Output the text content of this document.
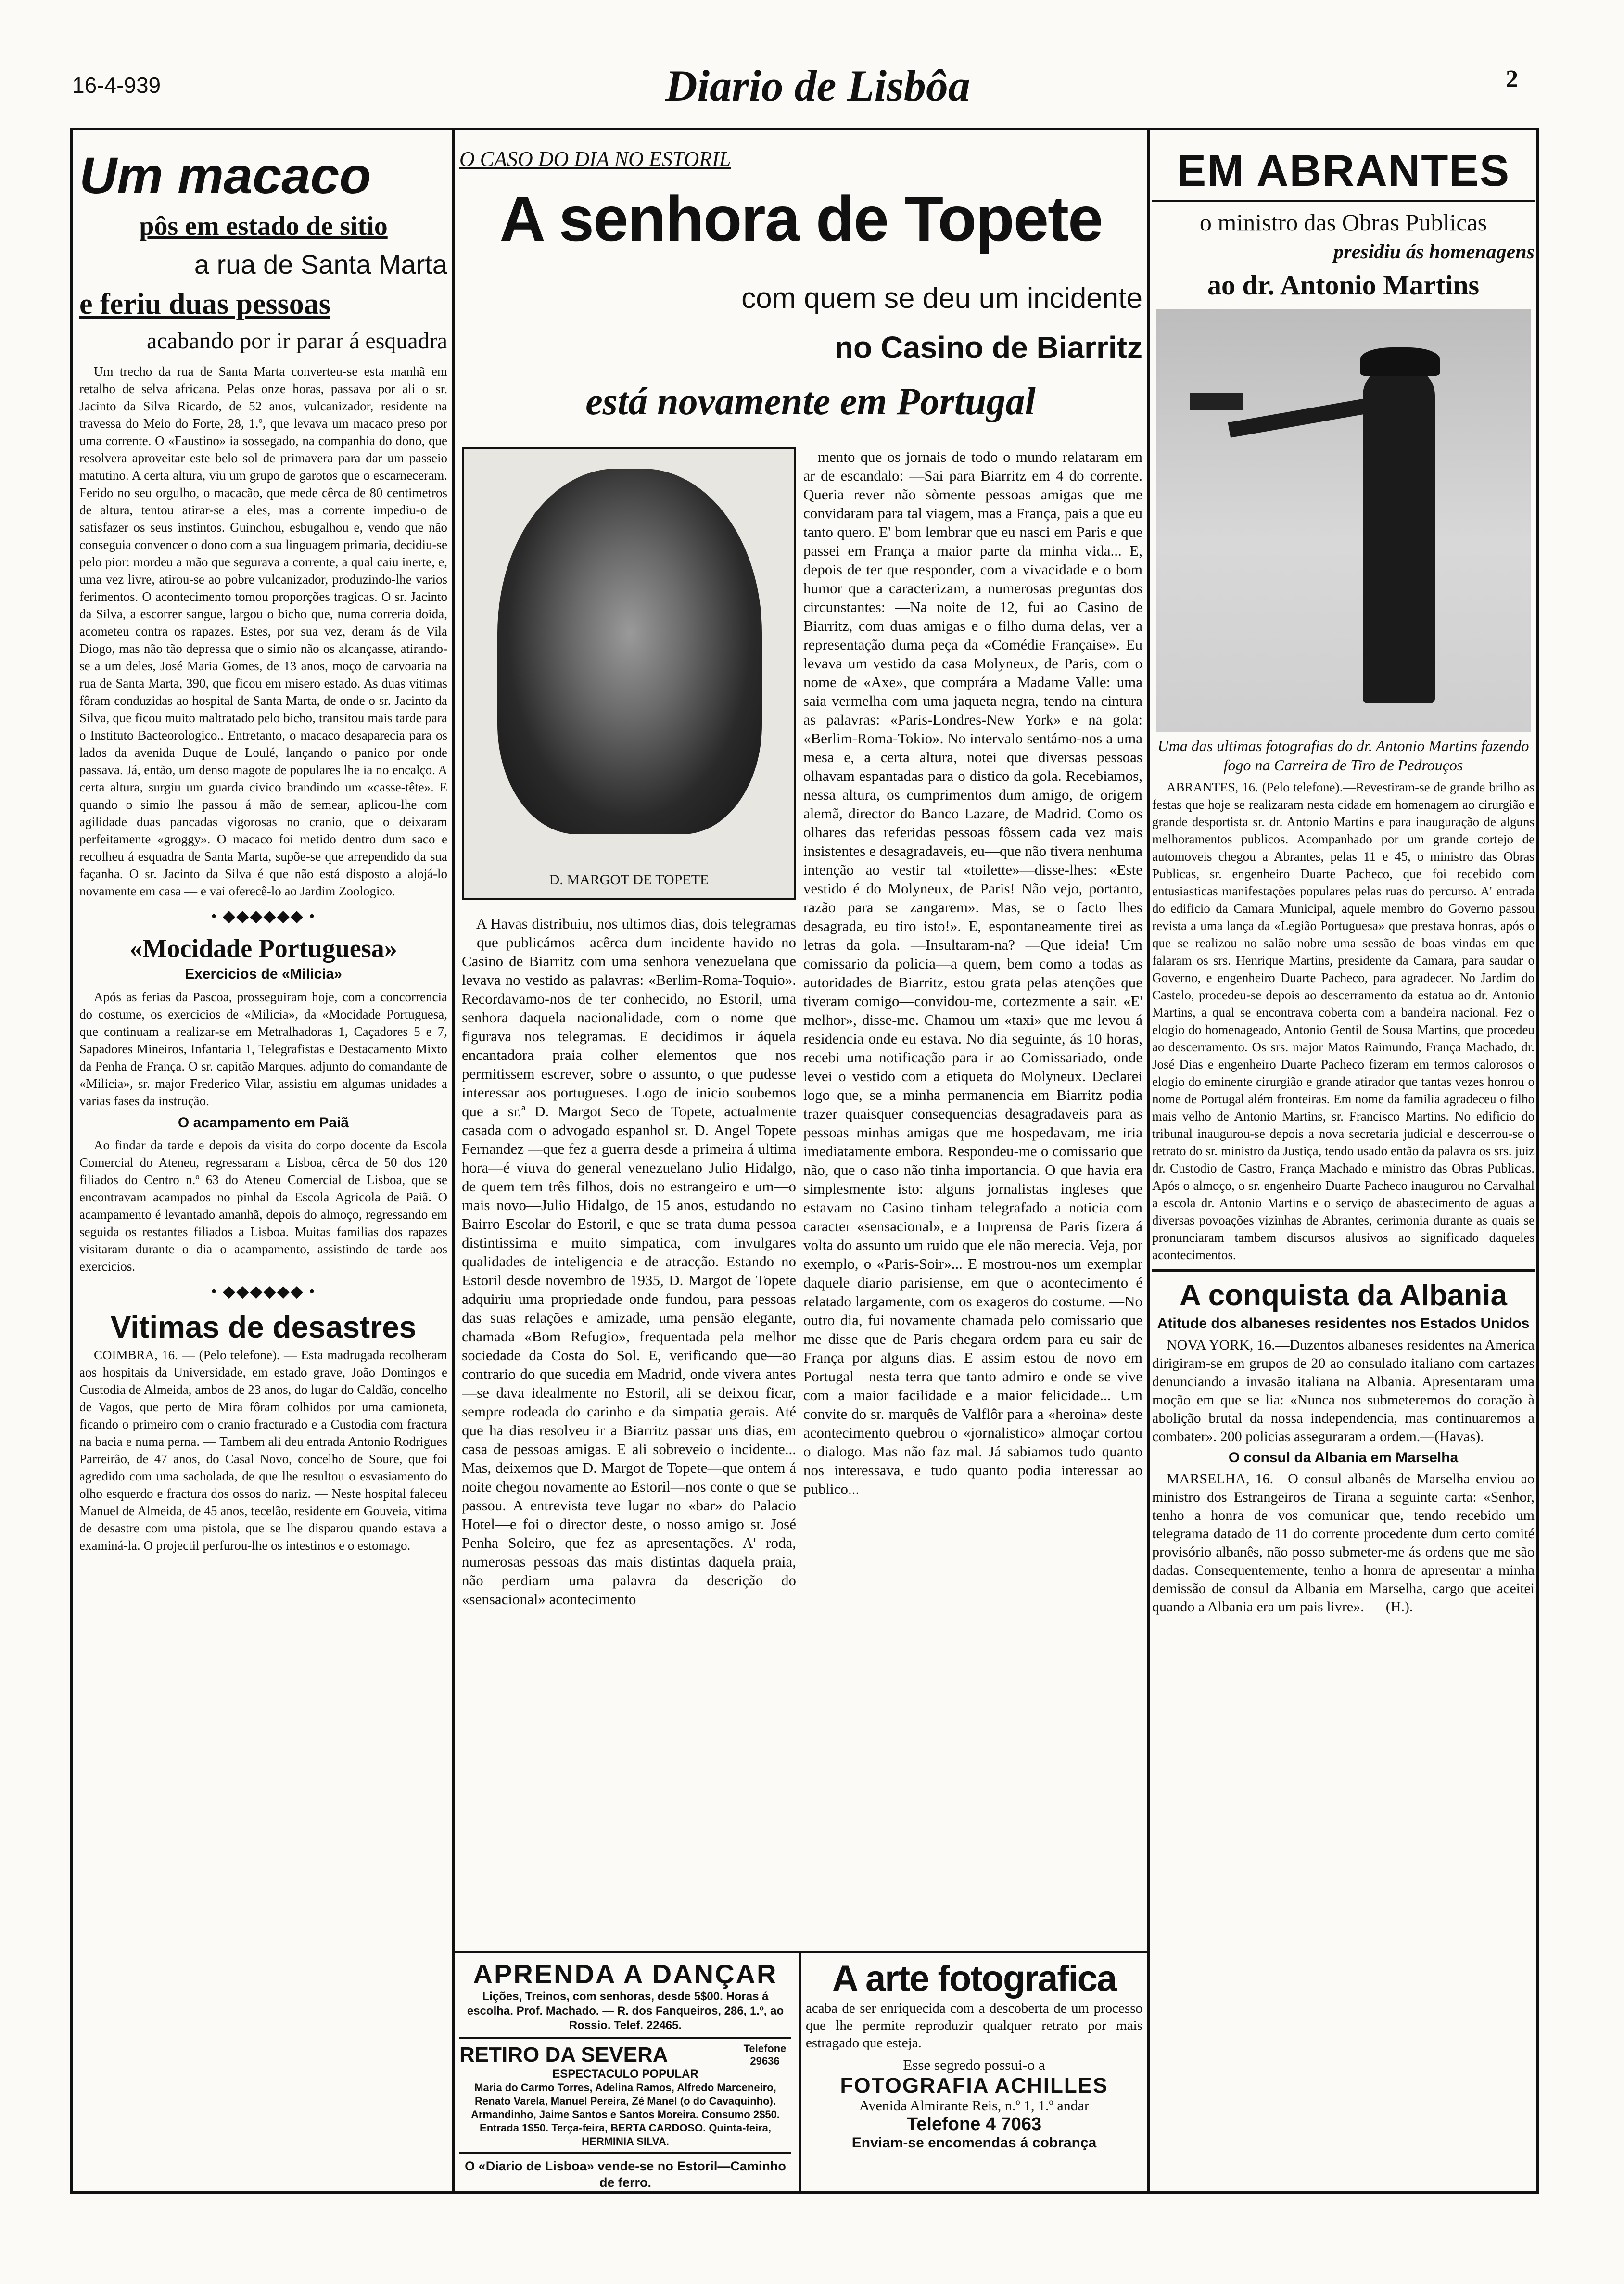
16-4-939	Diario de Lisbôa	2
Um macaco
pôs em estado de sitio
a rua de Santa Marta
e feriu duas pessoas
acabando por ir parar á esquadra
Um trecho da rua de Santa Marta converteu-se esta manhã em retalho de selva africana. Pelas onze horas, passava por ali o sr. Jacinto da Silva Ricardo, de 52 anos, vulcanizador, residente na travessa do Meio do Forte, 28, 1.º, que levava um macaco preso por uma corrente. O «Faustino» ia sossegado, na companhia do dono, que resolvera aproveitar este belo sol de primavera para dar um passeio matutino. A certa altura, viu um grupo de garotos que o escarneceram. Ferido no seu orgulho, o macacão, que mede cêrca de 80 centimetros de altura, tentou atirar-se a eles, mas a corrente impediu-o de satisfazer os seus instintos. Guinchou, esbugalhou e, vendo que não conseguia convencer o dono com a sua linguagem primaria, decidiu-se pelo pior: mordeu a mão que segurava a corrente, a qual caiu inerte, e, uma vez livre, atirou-se ao pobre vulcanizador, produzindo-lhe varios ferimentos. O acontecimento tomou proporções tragicas. O sr. Jacinto da Silva, a escorrer sangue, largou o bicho que, numa correria doida, acometeu contra os rapazes. Estes, por sua vez, deram ás de Vila Diogo, mas não tão depressa que o simio não os alcançasse, atirando-se a um deles, José Maria Gomes, de 13 anos, moço de carvoaria na rua de Santa Marta, 390, que ficou em misero estado. As duas vitimas fôram conduzidas ao hospital de Santa Marta, de onde o sr. Jacinto da Silva, que ficou muito maltratado pelo bicho, transitou mais tarde para o Instituto Bacteorologico.. Entretanto, o macaco desaparecia para os lados da avenida Duque de Loulé, lançando o panico por onde passava. Já, então, um denso magote de populares lhe ia no encalço. A certa altura, surgiu um guarda civico brandindo um «casse-tête». E quando o simio lhe passou á mão de semear, aplicou-lhe com agilidade duas pancadas vigorosas no cranio, que o deixaram perfeitamente «groggy». O macaco foi metido dentro dum saco e recolheu á esquadra de Santa Marta, supõe-se que arrependido da sua façanha. O sr. Jacinto da Silva é que não está disposto a alojá-lo novamente em casa — e vai oferecê-lo ao Jardim Zoologico.
• ◆◆◆◆◆◆ •
«Mocidade Portuguesa»
Exercicios de «Milicia»
Após as ferias da Pascoa, prosseguiram hoje, com a concorrencia do costume, os exercicios de «Milicia», da «Mocidade Portuguesa, que continuam a realizar-se em Metralhadoras 1, Caçadores 5 e 7, Sapadores Mineiros, Infantaria 1, Telegrafistas e Destacamento Mixto da Penha de França. O sr. capitão Marques, adjunto do comandante de «Milicia», sr. major Frederico Vilar, assistiu em algumas unidades a varias fases da instrução.
O acampamento em Paiã
Ao findar da tarde e depois da visita do corpo docente da Escola Comercial do Ateneu, regressaram a Lisboa, cêrca de 50 dos 120 filiados do Centro n.º 63 do Ateneu Comercial de Lisboa, que se encontravam acampados no pinhal da Escola Agricola de Paiã. O acampamento é levantado amanhã, depois do almoço, regressando em seguida os restantes filiados a Lisboa. Muitas familias dos rapazes visitaram durante o dia o acampamento, assistindo de tarde aos exercicios.
• ◆◆◆◆◆◆ •
Vitimas de desastres
COIMBRA, 16. — (Pelo telefone). — Esta madrugada recolheram aos hospitais da Universidade, em estado grave, João Domingos e Custodia de Almeida, ambos de 23 anos, do lugar do Caldão, concelho de Vagos, que perto de Mira fôram colhidos por uma camioneta, ficando o primeiro com o cranio fracturado e a Custodia com fractura na bacia e numa perna. — Tambem ali deu entrada Antonio Rodrigues Parreirão, de 47 anos, do Casal Novo, concelho de Soure, que foi agredido com uma sacholada, de que lhe resultou o esvasiamento do olho esquerdo e fractura dos ossos do nariz. — Neste hospital faleceu Manuel de Almeida, de 45 anos, tecelão, residente em Gouveia, vitima de desastre com uma pistola, que se lhe disparou quando estava a examiná-la. O projectil perfurou-lhe os intestinos e o estomago.
O CASO DO DIA NO ESTORIL
A senhora de Topete
com quem se deu um incidente
no Casino de Biarritz
está novamente em Portugal
D. MARGOT DE TOPETE
A Havas distribuiu, nos ultimos dias, dois telegramas—que publicámos—acêrca dum incidente havido no Casino de Biarritz com uma senhora venezuelana que levava no vestido as palavras: «Berlim-Roma-Toquio». Recordavamo-nos de ter conhecido, no Estoril, uma senhora daquela nacionalidade, com o nome que figurava nos telegramas. E decidimos ir áquela encantadora praia colher elementos que nos permitissem escrever, sobre o assunto, o que pudesse interessar aos portugueses. Logo de inicio soubemos que a sr.ª D. Margot Seco de Topete, actualmente casada com o advogado espanhol sr. D. Angel Topete Fernandez —que fez a guerra desde a primeira á ultima hora—é viuva do general venezuelano Julio Hidalgo, de quem tem três filhos, dois no estrangeiro e um—o mais novo—Julio Hidalgo, de 15 anos, estudando no Bairro Escolar do Estoril, e que se trata duma pessoa distintissima e muito simpatica, com invulgares qualidades de inteligencia e de atracção. Estando no Estoril desde novembro de 1935, D. Margot de Topete adquiriu uma propriedade onde fundou, para pessoas das suas relações e amizade, uma pensão elegante, chamada «Bom Refugio», frequentada pela melhor sociedade da Costa do Sol. E, verificando que—ao contrario do que sucedia em Madrid, onde vivera antes—se dava idealmente no Estoril, ali se deixou ficar, sempre rodeada do carinho e da simpatia gerais. Até que ha dias resolveu ir a Biarritz passar uns dias, em casa de pessoas amigas. E ali sobreveio o incidente... Mas, deixemos que D. Margot de Topete—que ontem á noite chegou novamente ao Estoril—nos conte o que se passou. A entrevista teve lugar no «bar» do Palacio Hotel—e foi o director deste, o nosso amigo sr. José Penha Soleiro, que fez as apresentações. A' roda, numerosas pessoas das mais distintas daquela praia, não perdiam uma palavra da descrição do «sensacional» acontecimento
mento que os jornais de todo o mundo relataram em ar de escandalo: —Sai para Biarritz em 4 do corrente. Queria rever não sòmente pessoas amigas que me convidaram para tal viagem, mas a França, pais a que eu tanto quero. E' bom lembrar que eu nasci em Paris e que passei em França a maior parte da minha vida... E, depois de ter que responder, com a vivacidade e o bom humor que a caracterizam, a numerosas preguntas dos circunstantes: —Na noite de 12, fui ao Casino de Biarritz, com duas amigas e o filho duma delas, ver a representação duma peça da «Comédie Française». Eu levava um vestido da casa Molyneux, de Paris, com o nome de «Axe», que comprára a Madame Valle: uma saia vermelha com uma jaqueta negra, tendo na cintura as palavras: «Paris-Londres-New York» e na gola: «Berlim-Roma-Tokio». No intervalo sentámo-nos a uma mesa e, a certa altura, notei que diversas pessoas olhavam espantadas para o distico da gola. Recebiamos, nessa altura, os cumprimentos dum amigo, de origem alemã, director do Banco Lazare, de Madrid. Como os olhares das referidas pessoas fôssem cada vez mais insistentes e desagradaveis, eu—que não tivera nenhuma intenção ao vestir tal «toilette»—disse-lhes: «Este vestido é do Molyneux, de Paris! Não vejo, portanto, razão para se zangarem». Mas, se o facto lhes desagrada, eu tiro isto!». E, espontaneamente tirei as letras da gola. —Insultaram-na? —Que ideia! Um comissario da policia—a quem, bem como a todas as autoridades de Biarritz, estou grata pelas atenções que tiveram comigo—convidou-me, cortezmente a sair. «E' melhor», disse-me. Chamou um «taxi» que me levou á residencia onde eu estava. No dia seguinte, ás 10 horas, recebi uma notificação para ir ao Comissariado, onde levei o vestido com a etiqueta do Molyneux. Declarei logo que, se a minha permanencia em Biarritz podia trazer quaisquer consequencias desagradaveis para as pessoas minhas amigas que me hospedavam, me iria imediatamente embora. Respondeu-me o comissario que não, que o caso não tinha importancia. O que havia era simplesmente isto: alguns jornalistas ingleses que estavam no Casino tinham telegrafado a noticia com caracter «sensacional», e a Imprensa de Paris fizera á volta do assunto um ruido que ele não merecia. Veja, por exemplo, o «Paris-Soir»... E mostrou-nos um exemplar daquele diario parisiense, em que o acontecimento é relatado largamente, com os exageros do costume. —No outro dia, fui novamente chamada pelo comissario que me disse que de Paris chegara ordem para eu sair de França por alguns dias. E assim estou de novo em Portugal—nesta terra que tanto admiro e onde se vive com a maior facilidade e a maior felicidade... Um convite do sr. marquês de Valflôr para a «heroina» deste acontecimento quebrou o «jornalistico» almoçar cortou o dialogo. Mas não faz mal. Já sabiamos tudo quanto nos interessava, e tudo quanto podia interessar ao publico...
APRENDA A DANÇAR
Lições, Treinos, com senhoras, desde 5$00. Horas á escolha. Prof. Machado. — R. dos Fanqueiros, 286, 1.º, ao Rossio. Telef. 22465.
RETIRO DA SEVERA	Telefone 29636
ESPECTACULO POPULAR
Maria do Carmo Torres, Adelina Ramos, Alfredo Marceneiro, Renato Varela, Manuel Pereira, Zé Manel (o do Cavaquinho). Armandinho, Jaime Santos e Santos Moreira. Consumo 2$50. Entrada 1$50. Terça-feira, BERTA CARDOSO. Quinta-feira, HERMINIA SILVA.
O «Diario de Lisboa» vende-se no Estoril—Caminho de ferro.
A arte fotografica
acaba de ser enriquecida com a descoberta de um processo que lhe permite reproduzir qualquer retrato por mais estragado que esteja.
Esse segredo possui-o a
FOTOGRAFIA ACHILLES
Avenida Almirante Reis, n.º 1, 1.º andar
Telefone 4 7063
Enviam-se encomendas á cobrança
EM ABRANTES
o ministro das Obras Publicas
presidiu ás homenagens
ao dr. Antonio Martins
Uma das ultimas fotografias do dr. Antonio Martins fazendo fogo na Carreira de Tiro de Pedrouços
ABRANTES, 16. (Pelo telefone).—Revestiram-se de grande brilho as festas que hoje se realizaram nesta cidade em homenagem ao cirurgião e grande desportista sr. dr. Antonio Martins e para inauguração de alguns melhoramentos publicos. Acompanhado por um grande cortejo de automoveis chegou a Abrantes, pelas 11 e 45, o ministro das Obras Publicas, sr. engenheiro Duarte Pacheco, que foi recebido com entusiasticas manifestações populares pelas ruas do percurso. A' entrada do edificio da Camara Municipal, aquele membro do Governo passou revista a uma lança da «Legião Portuguesa» que prestava honras, após o que se realizou no salão nobre uma sessão de boas vindas em que falaram os srs. Henrique Martins, presidente da Camara, para saudar o Governo, e engenheiro Duarte Pacheco, para agradecer. No Jardim do Castelo, procedeu-se depois ao descerramento da estatua ao dr. Antonio Martins, a qual se encontrava coberta com a bandeira nacional. Fez o elogio do homenageado, Antonio Gentil de Sousa Martins, que procedeu ao descerramento. Os srs. major Matos Raimundo, França Machado, dr. José Dias e engenheiro Duarte Pacheco fizeram em termos calorosos o elogio do eminente cirurgião e grande atirador que tantas vezes honrou o nome de Portugal além fronteiras. Em nome da familia agradeceu o filho mais velho de Antonio Martins, sr. Francisco Martins. No edificio do tribunal inaugurou-se depois a nova secretaria judicial e descerrou-se o retrato do sr. ministro da Justiça, tendo usado então da palavra os srs. juiz dr. Custodio de Castro, França Machado e ministro das Obras Publicas. Após o almoço, o sr. engenheiro Duarte Pacheco inaugurou no Carvalhal a escola dr. Antonio Martins e o serviço de abastecimento de aguas a diversas povoações vizinhas de Abrantes, cerimonia durante as quais se pronunciaram tambem discursos alusivos ao significado daqueles acontecimentos.
A conquista da Albania
Atitude dos albaneses residentes nos Estados Unidos
NOVA YORK, 16.—Duzentos albaneses residentes na America dirigiram-se em grupos de 20 ao consulado italiano com cartazes denunciando a invasão italiana na Albania. Apresentaram uma moção em que se lia: «Nunca nos submeteremos do coração à abolição brutal da nossa independencia, mas continuaremos a combater». 200 policias asseguraram a ordem.—(Havas).
O consul da Albania em Marselha
MARSELHA, 16.—O consul albanês de Marselha enviou ao ministro dos Estrangeiros de Tirana a seguinte carta: «Senhor, tenho a honra de vos comunicar que, tendo recebido um telegrama datado de 11 do corrente procedente dum certo comité provisório albanês, não posso submeter-me ás ordens que me são dadas. Consequentemente, tenho a honra de apresentar a minha demissão de consul da Albania em Marselha, cargo que aceitei quando a Albania era um pais livre». — (H.).
